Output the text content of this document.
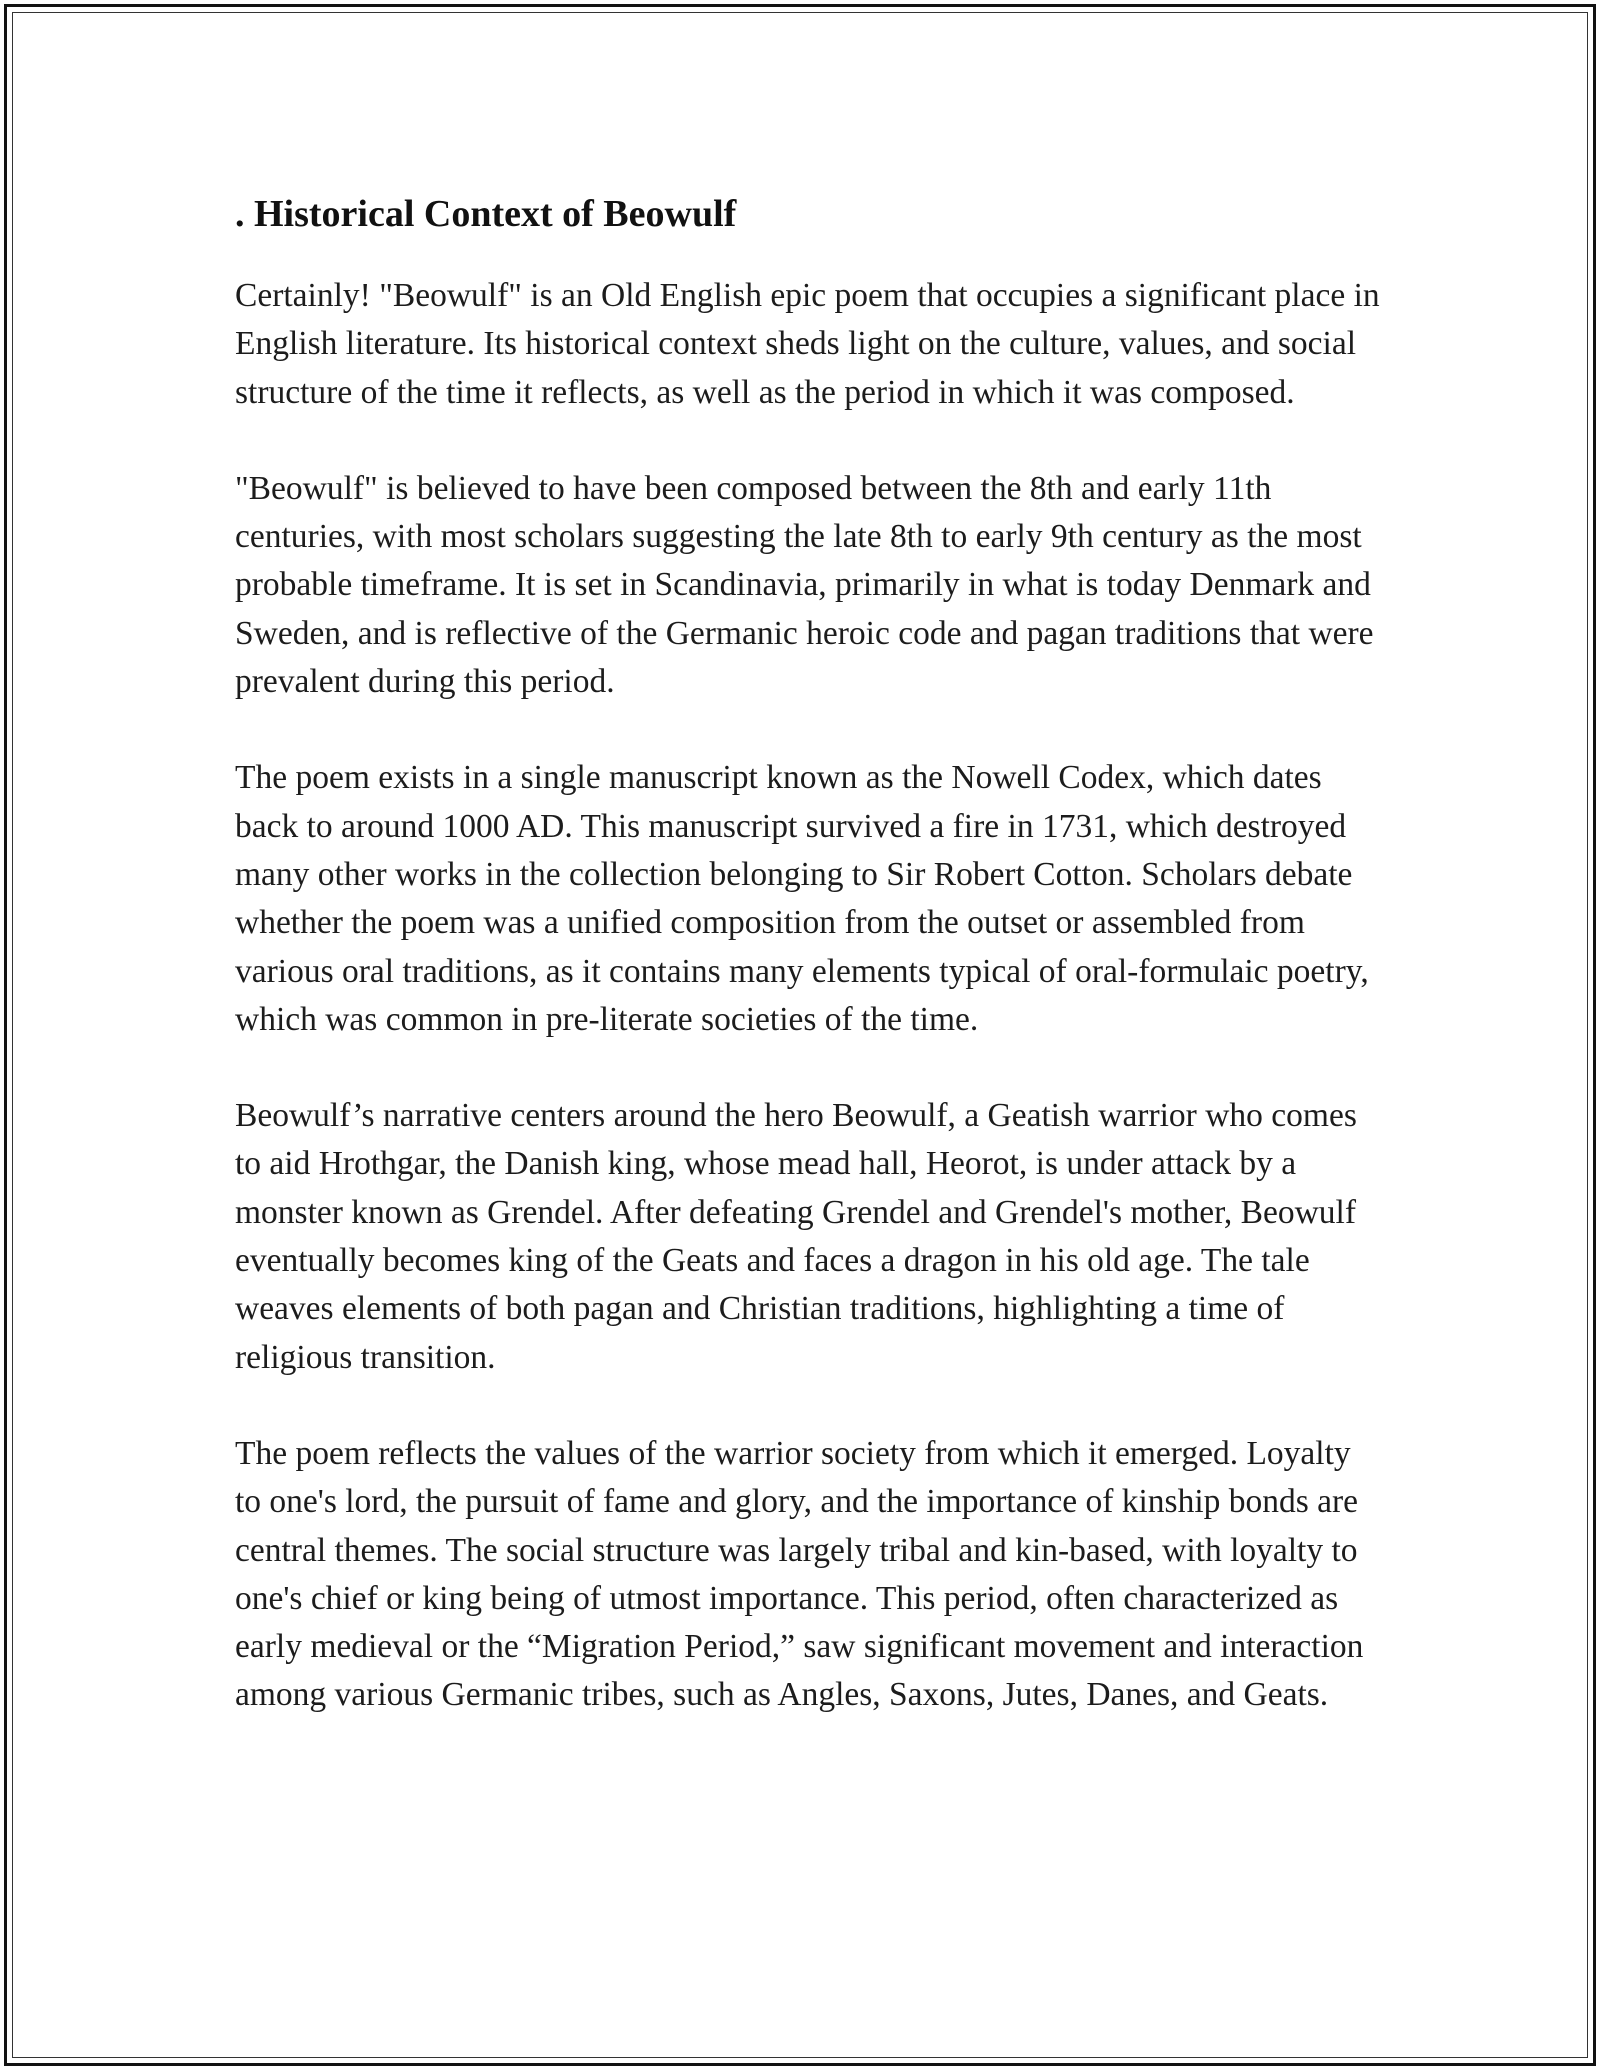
. Historical Context of Beowulf

Certainly! "Beowulf" is an Old English epic poem that occupies a significant place in English literature. Its historical context sheds light on the culture, values, and social structure of the time it reflects, as well as the period in which it was composed.

"Beowulf" is believed to have been composed between the 8th and early 11th centuries, with most scholars suggesting the late 8th to early 9th century as the most probable timeframe. It is set in Scandinavia, primarily in what is today Denmark and Sweden, and is reflective of the Germanic heroic code and pagan traditions that were prevalent during this period.

The poem exists in a single manuscript known as the Nowell Codex, which dates back to around 1000 AD. This manuscript survived a fire in 1731, which destroyed many other works in the collection belonging to Sir Robert Cotton. Scholars debate whether the poem was a unified composition from the outset or assembled from various oral traditions, as it contains many elements typical of oral-formulaic poetry, which was common in pre-literate societies of the time.

Beowulf’s narrative centers around the hero Beowulf, a Geatish warrior who comes to aid Hrothgar, the Danish king, whose mead hall, Heorot, is under attack by a monster known as Grendel. After defeating Grendel and Grendel's mother, Beowulf eventually becomes king of the Geats and faces a dragon in his old age. The tale weaves elements of both pagan and Christian traditions, highlighting a time of religious transition.

The poem reflects the values of the warrior society from which it emerged. Loyalty to one's lord, the pursuit of fame and glory, and the importance of kinship bonds are central themes. The social structure was largely tribal and kin-based, with loyalty to one's chief or king being of utmost importance. This period, often characterized as early medieval or the “Migration Period,” saw significant movement and interaction among various Germanic tribes, such as Angles, Saxons, Jutes, Danes, and Geats.
